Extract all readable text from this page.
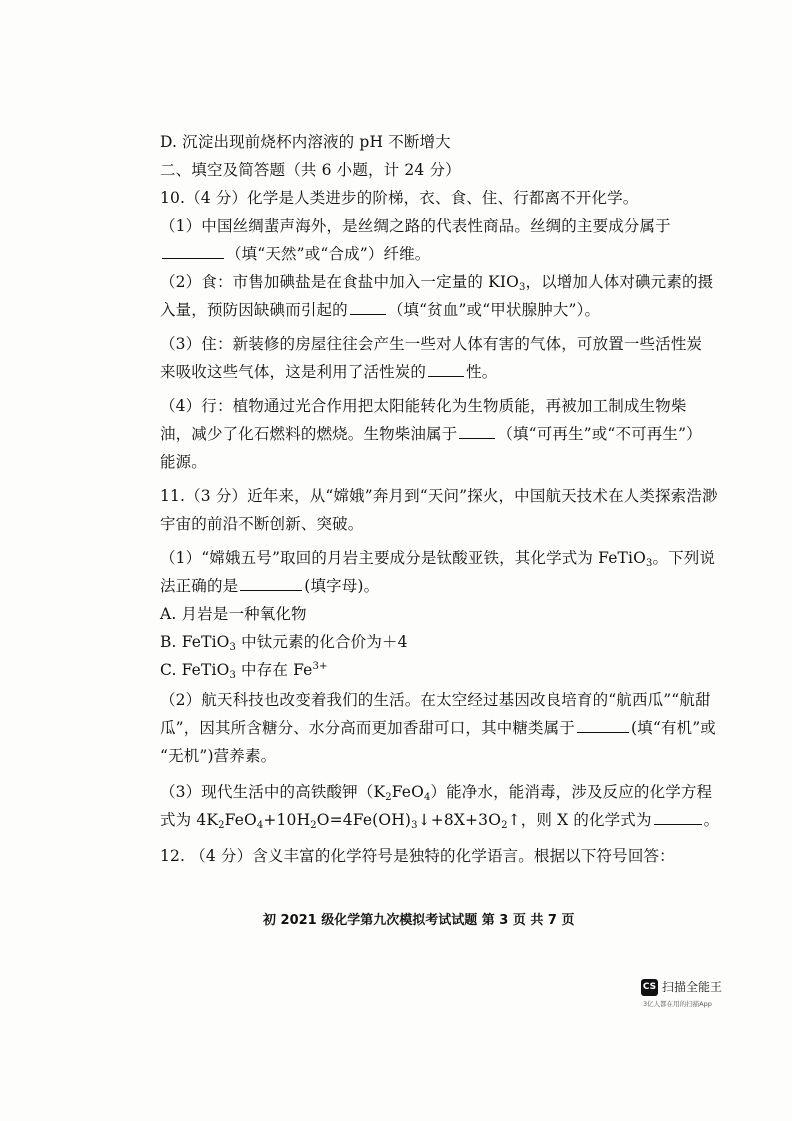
D. 沉淀出现前烧杯内溶液的 pH 不断增大
二、填空及简答题（共 6 小题，计 24 分）
10.（4 分）化学是人类进步的阶梯，衣、食、住、行都离不开化学。
（1）中国丝绸蜚声海外，是丝绸之路的代表性商品。丝绸的主要成分属于
（填“天然”或“合成”）纤维。
（2）食：市售加碘盐是在食盐中加入一定量的 $KIO_3$，以增加人体对碘元素的摄
入量，预防因缺碘而引起的	（填“贫血”或“甲状腺肿大”）。
（3）住：新装修的房屋往往会产生一些对人体有害的气体，可放置一些活性炭
来吸收这些气体，这是利用了活性炭的	性。
（4）行：植物通过光合作用把太阳能转化为生物质能，再被加工制成生物柴
油，减少了化石燃料的燃烧。生物柴油属于	（填“可再生”或“不可再生”）
能源。
11.（3 分）近年来，从“嫦娥”奔月到“天问”探火，中国航天技术在人类探索浩渺
宇宙的前沿不断创新、突破。
（1）“嫦娥五号”取回的月岩主要成分是钛酸亚铁，其化学式为 FeTiO$_3$。下列说
法正确的是	(填字母)。
A. 月岩是一种氧化物
B. FeTiO$_3$ 中钛元素的化合价为＋4
C. FeTiO$_3$ 中存在 $Fe^{3+}$
（2）航天科技也改变着我们的生活。在太空经过基因改良培育的“航西瓜”“航甜
瓜”，因其所含糖分、水分高而更加香甜可口，其中糖类属于	(填“有机”或
“无机”)营养素。
（3）现代生活中的高铁酸钾$(K_2FeO_4)$能净水，能消毒，涉及反应的化学方程
式为 $4K_2FeO_4+10H_2O=4Fe(OH)_3↓+8X+3O_2↑$，则 X 的化学式为	。
12. （4 分）含义丰富的化学符号是独特的化学语言。根据以下符号回答：
初 2021 级化学第九次模拟考试试题 第 3 页 共 7 页
CS 扫描全能王
3亿人都在用的扫描App
